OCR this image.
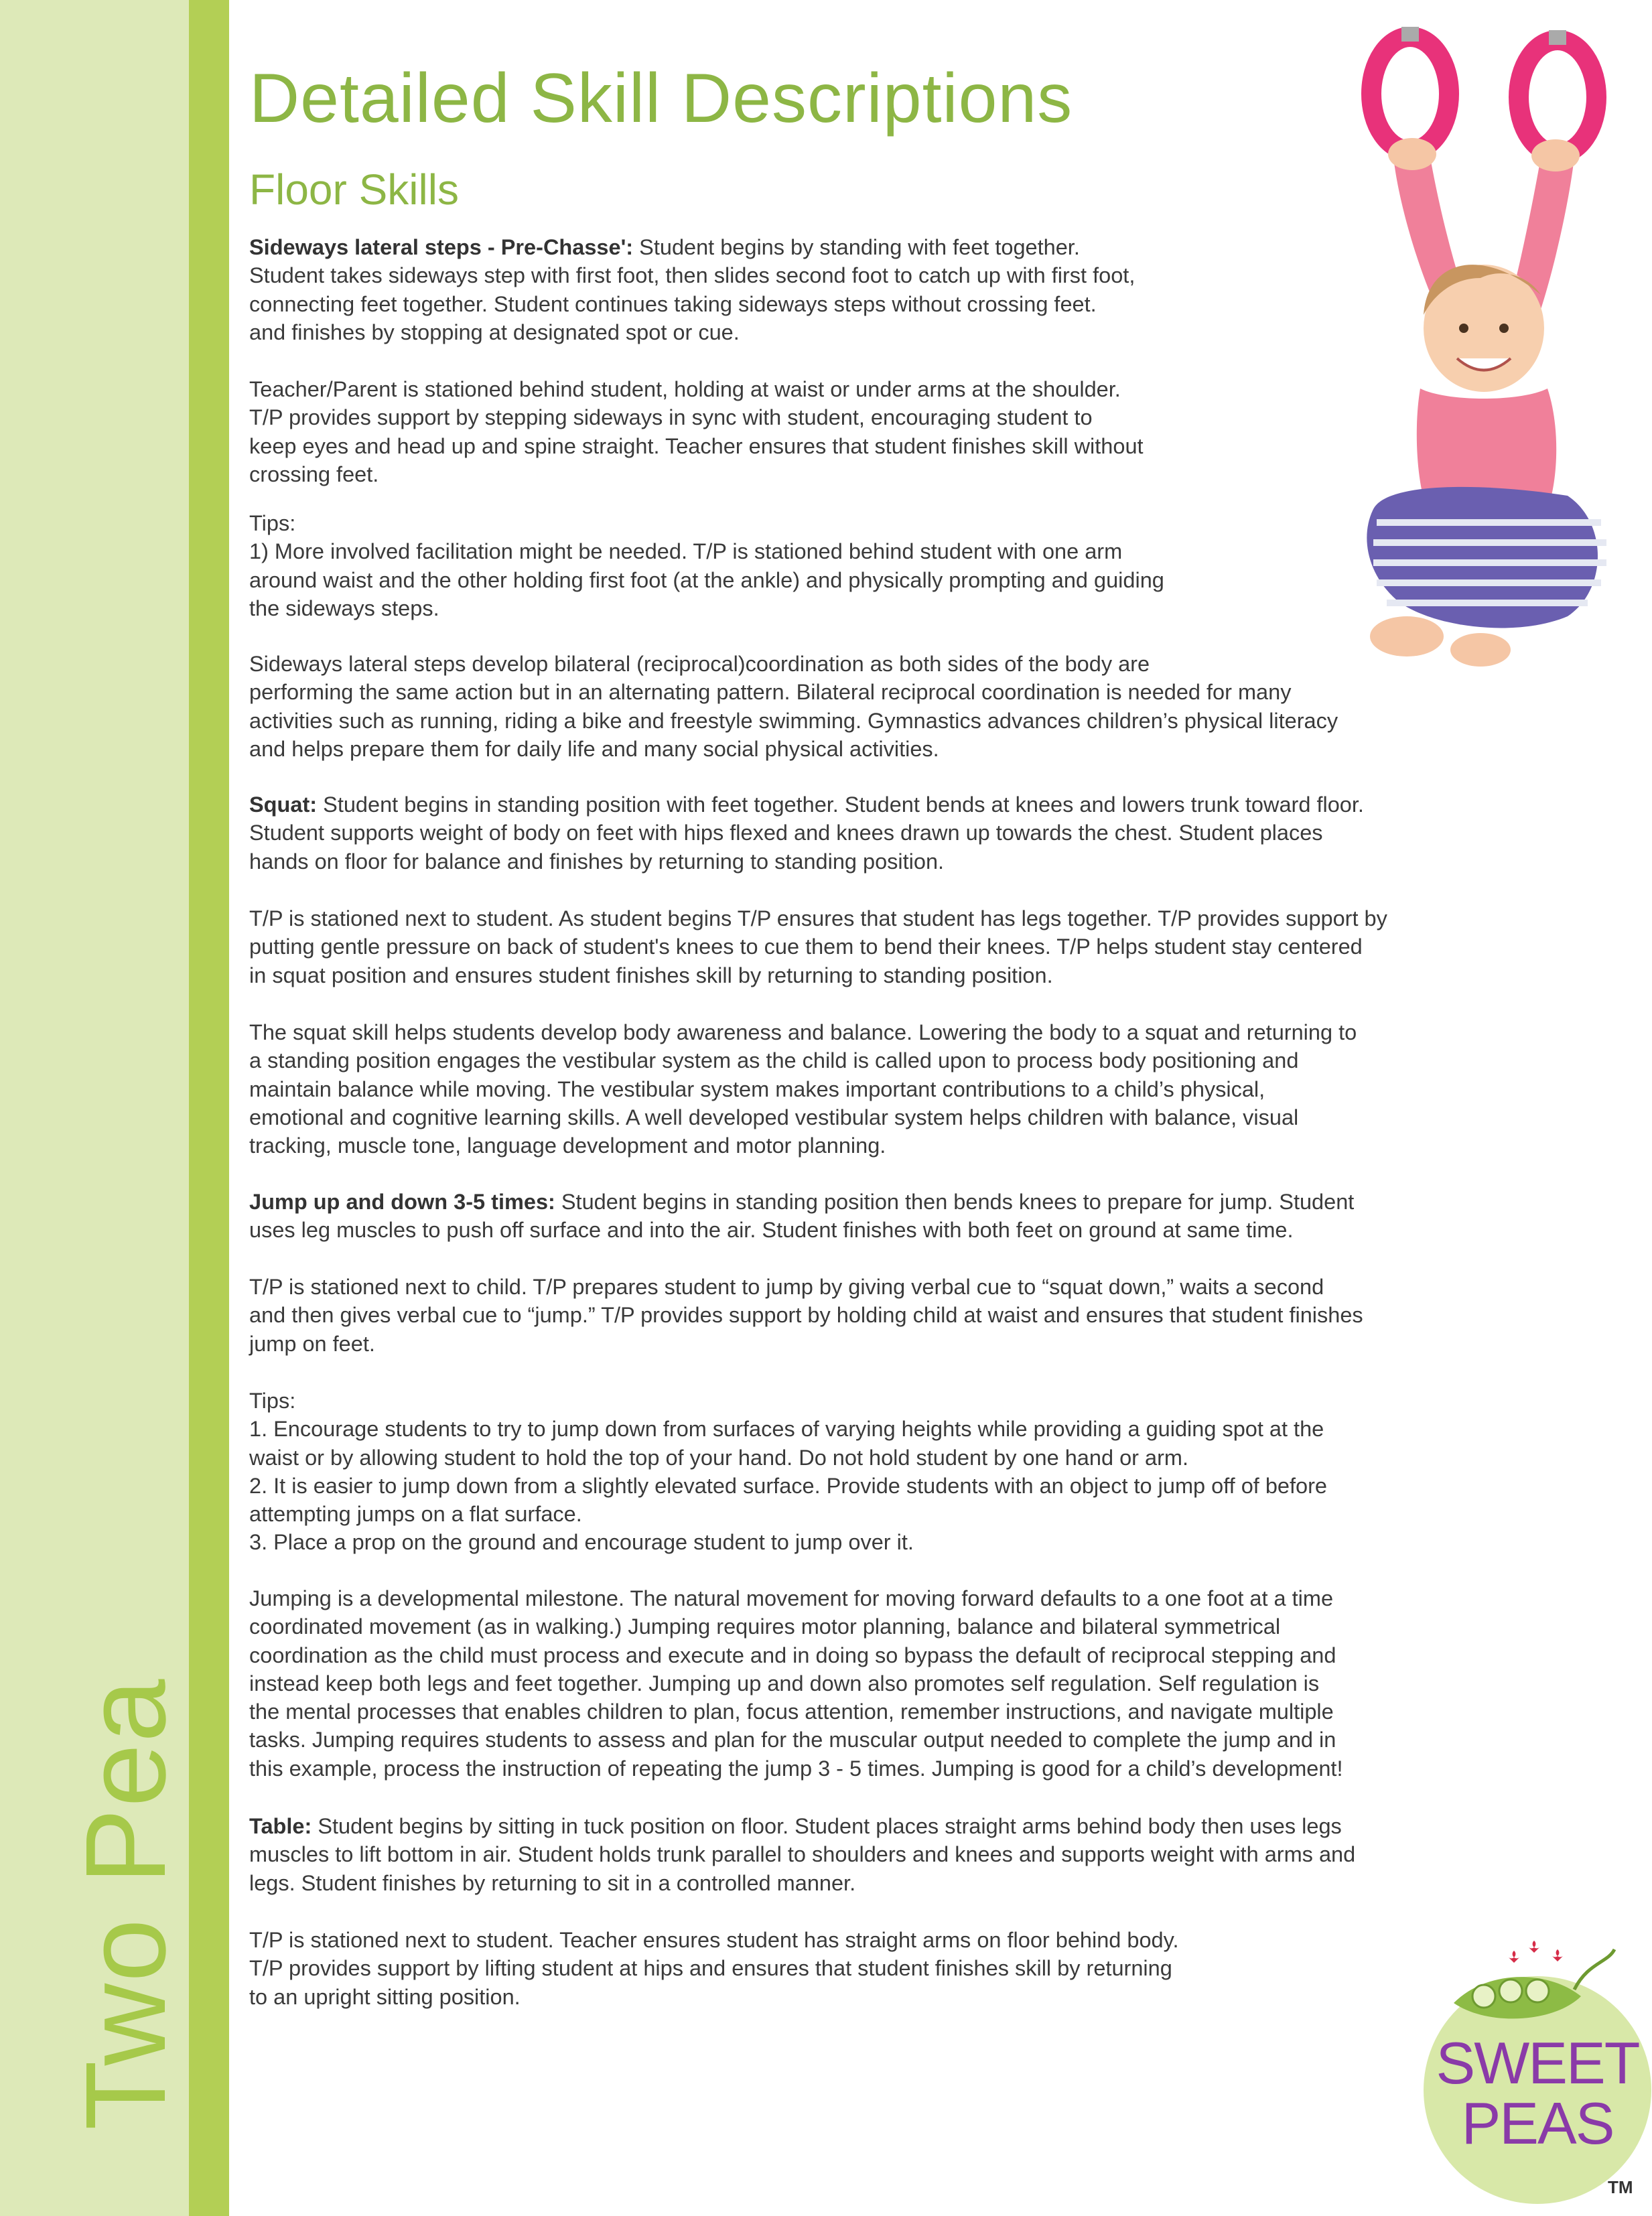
Two Pea
Detailed Skill Descriptions
Floor Skills

Sideways lateral steps - Pre-Chasse': Student begins by standing with feet together.
Student takes sideways step with first foot, then slides second foot to catch up with first foot,
connecting feet together. Student continues taking sideways steps without crossing feet.
and finishes by stopping at designated spot or cue.

Teacher/Parent is stationed behind student, holding at waist or under arms at the shoulder.
T/P provides support by stepping sideways in sync with student, encouraging student to
keep eyes and head up and spine straight. Teacher ensures that student finishes skill without
crossing feet.

Tips:
1) More involved facilitation might be needed. T/P is stationed behind student with one arm
around waist and the other holding first foot (at the ankle) and physically prompting and guiding
the sideways steps.

Sideways lateral steps develop bilateral (reciprocal)coordination as both sides of the body are
performing the same action but in an alternating pattern. Bilateral reciprocal coordination is needed for many
activities such as running, riding a bike and freestyle swimming. Gymnastics advances children’s physical literacy
and helps prepare them for daily life and many social physical activities.

Squat: Student begins in standing position with feet together. Student bends at knees and lowers trunk toward floor.
Student supports weight of body on feet with hips flexed and knees drawn up towards the chest. Student places
hands on floor for balance and finishes by returning to standing position.

T/P is stationed next to student. As student begins T/P ensures that student has legs together. T/P provides support by
putting gentle pressure on back of student's knees to cue them to bend their knees. T/P helps student stay centered
in squat position and ensures student finishes skill by returning to standing position.

The squat skill helps students develop body awareness and balance. Lowering the body to a squat and returning to
a standing position engages the vestibular system as the child is called upon to process body positioning and
maintain balance while moving. The vestibular system makes important contributions to a child’s physical,
emotional and cognitive learning skills. A well developed vestibular system helps children with balance, visual
tracking, muscle tone, language development and motor planning.

Jump up and down 3-5 times: Student begins in standing position then bends knees to prepare for jump. Student
uses leg muscles to push off surface and into the air. Student finishes with both feet on ground at same time.

T/P is stationed next to child. T/P prepares student to jump by giving verbal cue to “squat down,” waits a second
and then gives verbal cue to “jump.” T/P provides support by holding child at waist and ensures that student finishes
jump on feet.

Tips:
1. Encourage students to try to jump down from surfaces of varying heights while providing a guiding spot at the
waist or by allowing student to hold the top of your hand. Do not hold student by one hand or arm.
2. It is easier to jump down from a slightly elevated surface. Provide students with an object to jump off of before
attempting jumps on a flat surface.
3. Place a prop on the ground and encourage student to jump over it.

Jumping is a developmental milestone. The natural movement for moving forward defaults to a one foot at a time
coordinated movement (as in walking.) Jumping requires motor planning, balance and bilateral symmetrical
coordination as the child must process and execute and in doing so bypass the default of reciprocal stepping and
instead keep both legs and feet together. Jumping up and down also promotes self regulation. Self regulation is
the mental processes that enables children to plan, focus attention, remember instructions, and navigate multiple
tasks. Jumping requires students to assess and plan for the muscular output needed to complete the jump and in
this example, process the instruction of repeating the jump 3 - 5 times. Jumping is good for a child’s development!

Table: Student begins by sitting in tuck position on floor. Student places straight arms behind body then uses legs
muscles to lift bottom in air. Student holds trunk parallel to shoulders and knees and supports weight with arms and
legs. Student finishes by returning to sit in a controlled manner.

T/P is stationed next to student. Teacher ensures student has straight arms on floor behind body.
T/P provides support by lifting student at hips and ensures that student finishes skill by returning
to an upright sitting position.

SWEET
PEAS
TM
